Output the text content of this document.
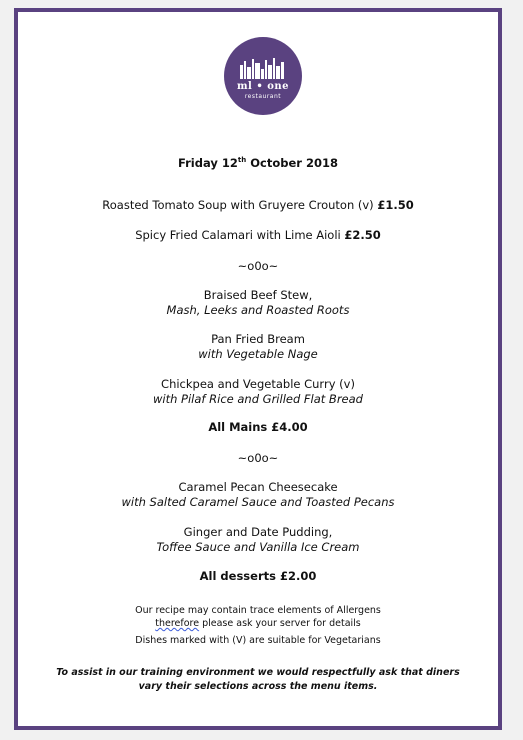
ml • one
restaurant
Friday 12th October 2018
Roasted Tomato Soup with Gruyere Crouton (v) £1.50
Spicy Fried Calamari with Lime Aioli £2.50
~o0o~
Braised Beef Stew,
Mash, Leeks and Roasted Roots
Pan Fried Bream
with Vegetable Nage
Chickpea and Vegetable Curry (v)
with Pilaf Rice and Grilled Flat Bread
All Mains £4.00
~o0o~
Caramel Pecan Cheesecake
with Salted Caramel Sauce and Toasted Pecans
Ginger and Date Pudding,
Toffee Sauce and Vanilla Ice Cream
All desserts £2.00
Our recipe may contain trace elements of Allergens
therefore please ask your server for details
Dishes marked with (V) are suitable for Vegetarians
To assist in our training environment we would respectfully ask that diners
vary their selections across the menu items.
